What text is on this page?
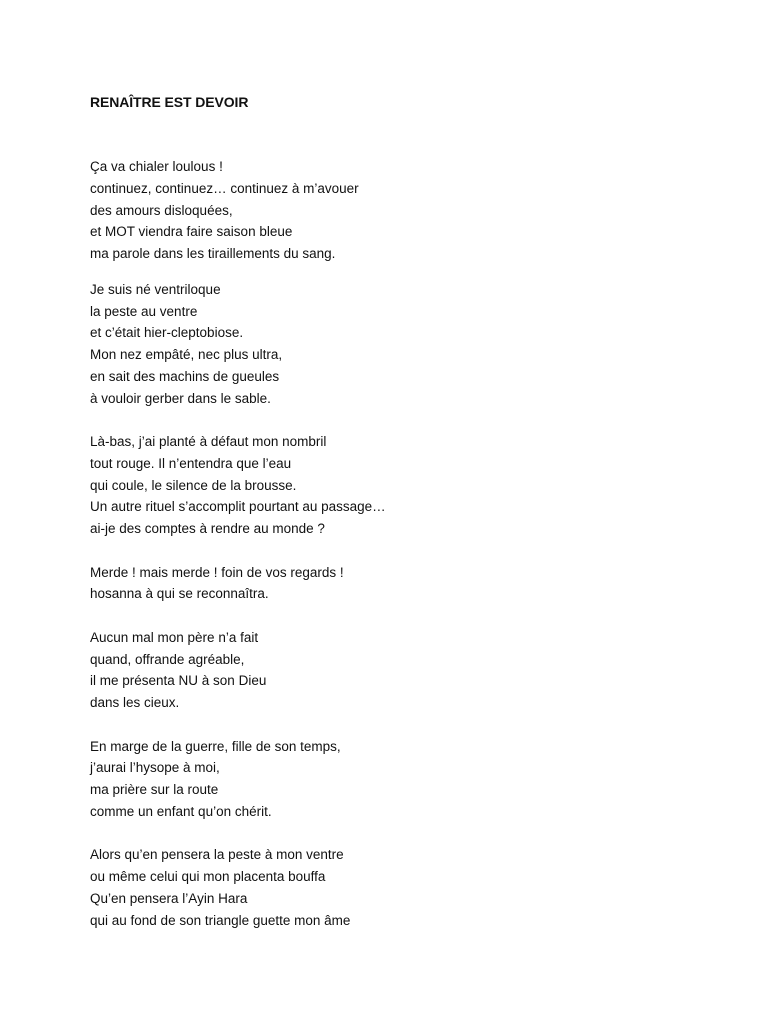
RENAÎTRE EST DEVOIR
Ça va chialer loulous !
continuez, continuez… continuez à m’avouer
des amours disloquées,
et MOT viendra faire saison bleue
ma parole dans les tiraillements du sang.
Je suis né ventriloque
la peste au ventre
et c’était hier-cleptobiose.
Mon nez empâté, nec plus ultra,
en sait des machins de gueules
à vouloir gerber dans le sable.
Là-bas, j’ai planté à défaut mon nombril
tout rouge. Il n’entendra que l’eau
qui coule, le silence de la brousse.
Un autre rituel s’accomplit pourtant au passage…
ai-je des comptes à rendre au monde ?
Merde ! mais merde ! foin de vos regards !
hosanna à qui se reconnaîtra.
Aucun mal mon père n’a fait
quand, offrande agréable,
il me présenta NU à son Dieu
dans les cieux.
En marge de la guerre, fille de son temps,
j’aurai l’hysope à moi,
ma prière sur la route
comme un enfant qu’on chérit.
Alors qu’en pensera la peste à mon ventre
ou même celui qui mon placenta bouffa
Qu’en pensera l’Ayin Hara
qui au fond de son triangle guette mon âme
